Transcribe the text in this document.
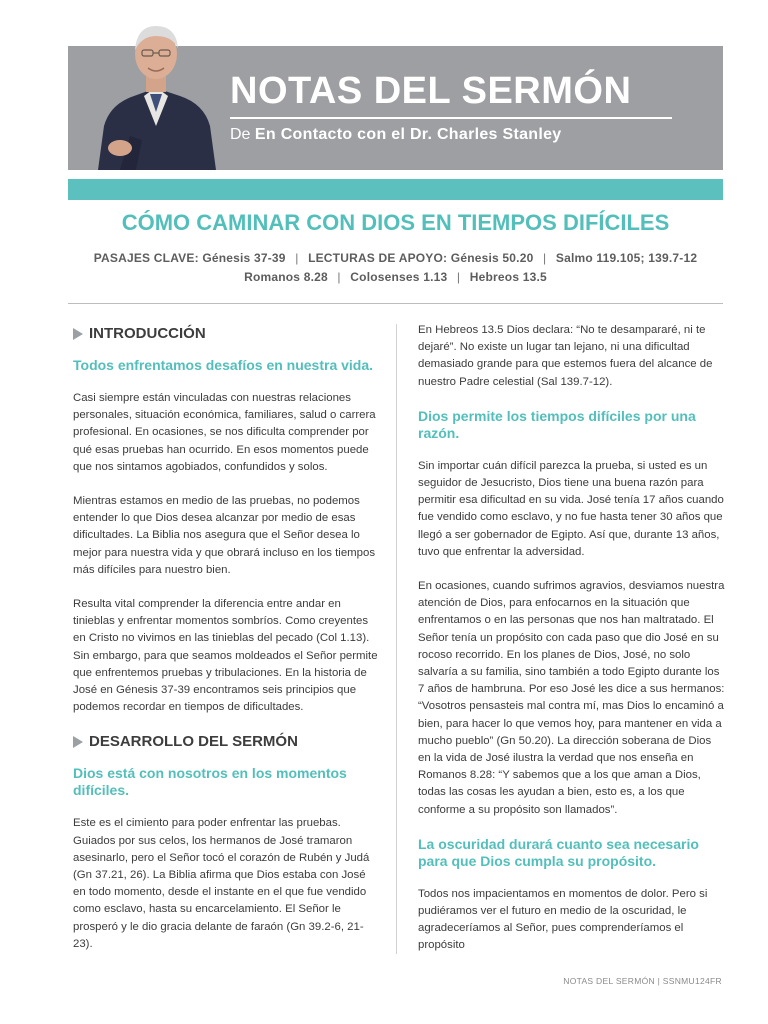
NOTAS DEL SERMÓN
De En Contacto con el Dr. Charles Stanley
CÓMO CAMINAR CON DIOS EN TIEMPOS DIFÍCILES
PASAJES CLAVE: Génesis 37-39 | LECTURAS DE APOYO: Génesis 50.20 | Salmo 119.105; 139.7-12
Romanos 8.28 | Colosenses 1.13 | Hebreos 13.5
INTRODUCCIÓN

Todos enfrentamos desafíos en nuestra vida.

Casi siempre están vinculadas con nuestras relaciones personales, situación económica, familiares, salud o carrera profesional. En ocasiones, se nos dificulta comprender por qué esas pruebas han ocurrido. En esos momentos puede que nos sintamos agobiados, confundidos y solos.

Mientras estamos en medio de las pruebas, no podemos entender lo que Dios desea alcanzar por medio de esas dificultades. La Biblia nos asegura que el Señor desea lo mejor para nuestra vida y que obrará incluso en los tiempos más difíciles para nuestro bien.

Resulta vital comprender la diferencia entre andar en tinieblas y enfrentar momentos sombríos. Como creyentes en Cristo no vivimos en las tinieblas del pecado (Col 1.13). Sin embargo, para que seamos moldeados el Señor permite que enfrentemos pruebas y tribulaciones. En la historia de José en Génesis 37-39 encontramos seis principios que podemos recordar en tiempos de dificultades.

DESARROLLO DEL SERMÓN

Dios está con nosotros en los momentos difíciles.

Este es el cimiento para poder enfrentar las pruebas. Guiados por sus celos, los hermanos de José tramaron asesinarlo, pero el Señor tocó el corazón de Rubén y Judá (Gn 37.21, 26). La Biblia afirma que Dios estaba con José en todo momento, desde el instante en el que fue vendido como esclavo, hasta su encarcelamiento. El Señor le prosperó y le dio gracia delante de faraón (Gn 39.2-6, 21-23).

En Hebreos 13.5 Dios declara: “No te desampararé, ni te dejaré”. No existe un lugar tan lejano, ni una dificultad demasiado grande para que estemos fuera del alcance de nuestro Padre celestial (Sal 139.7-12).

Dios permite los tiempos difíciles por una razón.

Sin importar cuán difícil parezca la prueba, si usted es un seguidor de Jesucristo, Dios tiene una buena razón para permitir esa dificultad en su vida. José tenía 17 años cuando fue vendido como esclavo, y no fue hasta tener 30 años que llegó a ser gobernador de Egipto. Así que, durante 13 años, tuvo que enfrentar la adversidad.

En ocasiones, cuando sufrimos agravios, desviamos nuestra atención de Dios, para enfocarnos en la situación que enfrentamos o en las personas que nos han maltratado. El Señor tenía un propósito con cada paso que dio José en su rocoso recorrido. En los planes de Dios, José, no solo salvaría a su familia, sino también a todo Egipto durante los 7 años de hambruna. Por eso José les dice a sus hermanos: “Vosotros pensasteis mal contra mí, mas Dios lo encaminó a bien, para hacer lo que vemos hoy, para mantener en vida a mucho pueblo” (Gn 50.20). La dirección soberana de Dios en la vida de José ilustra la verdad que nos enseña en Romanos 8.28: “Y sabemos que a los que aman a Dios, todas las cosas les ayudan a bien, esto es, a los que conforme a su propósito son llamados”.

La oscuridad durará cuanto sea necesario para que Dios cumpla su propósito.

Todos nos impacientamos en momentos de dolor. Pero si pudiéramos ver el futuro en medio de la oscuridad, le agradeceríamos al Señor, pues comprenderíamos el propósito

NOTAS DEL SERMÓN | SSNMU124FR
